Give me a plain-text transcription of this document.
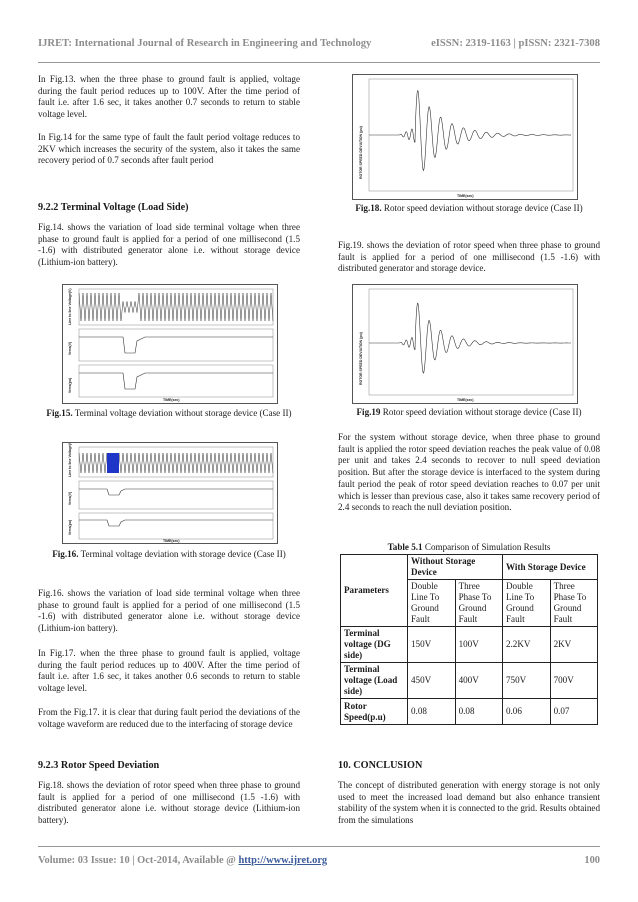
IJRET: International Journal of Research in Engineering and Technology	eISSN: 2319-1163 | pISSN: 2321-7308

In Fig.13. when the three phase to ground fault is applied, voltage during the fault period reduces up to 100V. After the time period of fault i.e. after 1.6 sec, it takes another 0.7 seconds to return to stable voltage level.

In Fig.14 for the same type of fault the fault period voltage reduces to 2KV which increases the security of the system, also it takes the same recovery period of 0.7 seconds after fault period

9.2.2 Terminal Voltage (Load Side)

Fig.14. shows the variation of load side terminal voltage when three phase to ground fault is applied for a period of one millisecond (1.5 -1.6) with distributed generator alone i.e. without storage device (Lithium-ion battery).

Line to line Voltage(V)
Vrms(V)
Vrms(pu)
TIME(sec)
Fig.15. Terminal voltage deviation without storage device (Case II)
Line to line Voltage(V)
Vrms(V)
Vrms(pu)
TIME(sec)
Fig.16. Terminal voltage deviation with storage device (Case II)

Fig.16. shows the variation of load side terminal voltage when three phase to ground fault is applied for a period of one millisecond (1.5 -1.6) with distributed generator alone i.e. without storage device (Lithium-ion battery).

In Fig.17. when the three phase to ground fault is applied, voltage during the fault period reduces up to 400V. After the time period of fault i.e. after 1.6 sec, it takes another 0.6 seconds to return to stable voltage level.

From the Fig.17. it is clear that during fault period the deviations of the voltage waveform are reduced due to the interfacing of storage device

9.2.3 Rotor Speed Deviation

Fig.18. shows the deviation of rotor speed when three phase to ground fault is applied for a period of one millisecond (1.5 -1.6) with distributed generator alone i.e. without storage device (Lithium-ion battery).

ROTOR SPEED DEVIATION (pu)
TIME(sec)
Fig.18. Rotor speed deviation without storage device (Case II)

Fig.19. shows the deviation of rotor speed when three phase to ground fault is applied for a period of one millisecond (1.5 -1.6) with distributed generator and storage device.

ROTOR SPEED DEVIATION (pu)
TIME(sec)
Fig.19 Rotor speed deviation without storage device (Case II)

For the system without storage device, when three phase to ground fault is applied the rotor speed deviation reaches the peak value of 0.08 per unit and takes 2.4 seconds to recover to null speed deviation position. But after the storage device is interfaced to the system during fault period the peak of rotor speed deviation reaches to 0.07 per unit which is lesser than previous case, also it takes same recovery period of 2.4 seconds to reach the null deviation position.

Table 5.1 Comparison of Simulation Results
Parameters	Without Storage Device		With Storage Device	
	Double Line To Ground Fault	Three Phase To Ground Fault	Double Line To Ground Fault	Three Phase To Ground Fault
Terminal voltage (DG side)	150V	100V	2.2KV	2KV
Terminal voltage (Load side)	450V	400V	750V	700V
Rotor Speed(p.u)	0.08	0.08	0.06	0.07
10. CONCLUSION

The concept of distributed generation with energy storage is not only used to meet the increased load demand but also enhance transient stability of the system when it is connected to the grid. Results obtained from the simulations

Volume: 03 Issue: 10 | Oct-2014, Available @ http://www.ijret.org	100
